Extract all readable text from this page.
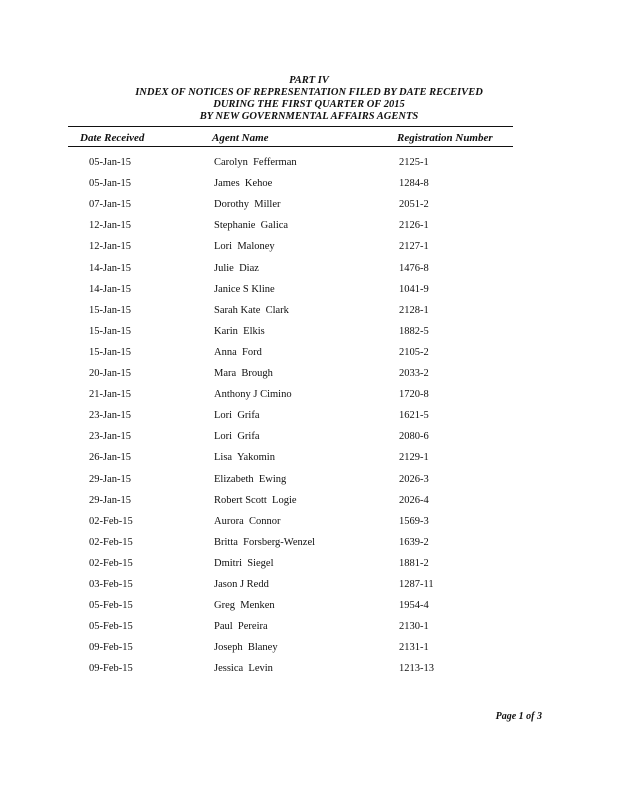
PART IV
INDEX OF NOTICES OF REPRESENTATION FILED BY DATE RECEIVED
DURING THE FIRST QUARTER OF 2015
BY NEW GOVERNMENTAL AFFAIRS AGENTS
Date Received	Agent Name	Registration Number
05-Jan-15	Carolyn  Fefferman	2125-1
05-Jan-15	James  Kehoe	1284-8
07-Jan-15	Dorothy  Miller	2051-2
12-Jan-15	Stephanie  Galica	2126-1
12-Jan-15	Lori  Maloney	2127-1
14-Jan-15	Julie  Diaz	1476-8
14-Jan-15	Janice S Kline	1041-9
15-Jan-15	Sarah Kate  Clark	2128-1
15-Jan-15	Karin  Elkis	1882-5
15-Jan-15	Anna  Ford	2105-2
20-Jan-15	Mara  Brough	2033-2
21-Jan-15	Anthony J Cimino	1720-8
23-Jan-15	Lori  Grifa	1621-5
23-Jan-15	Lori  Grifa	2080-6
26-Jan-15	Lisa  Yakomin	2129-1
29-Jan-15	Elizabeth  Ewing	2026-3
29-Jan-15	Robert Scott  Logie	2026-4
02-Feb-15	Aurora  Connor	1569-3
02-Feb-15	Britta  Forsberg-Wenzel	1639-2
02-Feb-15	Dmitri  Siegel	1881-2
03-Feb-15	Jason J Redd	1287-11
05-Feb-15	Greg  Menken	1954-4
05-Feb-15	Paul  Pereira	2130-1
09-Feb-15	Joseph  Blaney	2131-1
09-Feb-15	Jessica  Levin	1213-13
Page 1 of 3
